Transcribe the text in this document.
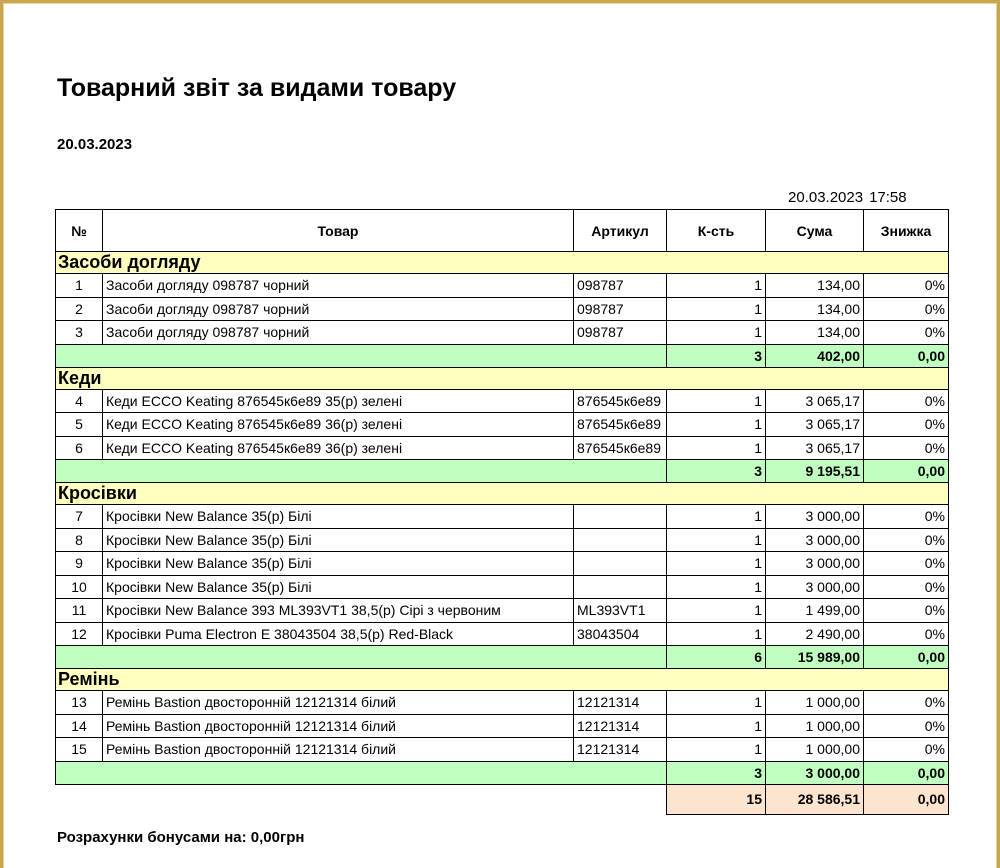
Товарний звіт за видами товару
20.03.2023
20.03.2023 17:58
№	Товар	Артикул	К-сть	Сума	Знижка
Засоби догляду					
1	Засоби догляду 098787 чорний	098787	1	134,00	0%
2	Засоби догляду 098787 чорний	098787	1	134,00	0%
3	Засоби догляду 098787 чорний	098787	1	134,00	0%
			3	402,00	0,00
Кеди					
4	Кеди ECCO Keating 876545к6е89 35(р) зелені	876545к6е89	1	3 065,17	0%
5	Кеди ECCO Keating 876545к6е89 36(р) зелені	876545к6е89	1	3 065,17	0%
6	Кеди ECCO Keating 876545к6е89 36(р) зелені	876545к6е89	1	3 065,17	0%
			3	9 195,51	0,00
Кросівки					
7	Кросівки New Balance 35(р) Білі		1	3 000,00	0%
8	Кросівки New Balance 35(р) Білі		1	3 000,00	0%
9	Кросівки New Balance 35(р) Білі		1	3 000,00	0%
10	Кросівки New Balance 35(р) Білі		1	3 000,00	0%
11	Кросівки New Balance 393 ML393VT1 38,5(р) Сірі з червоним	ML393VT1	1	1 499,00	0%
12	Кросівки Puma Electron E 38043504 38,5(р) Red-Black	38043504	1	2 490,00	0%
			6	15 989,00	0,00
Ремінь					
13	Ремінь Bastion двосторонній 12121314 білий	12121314	1	1 000,00	0%
14	Ремінь Bastion двосторонній 12121314 білий	12121314	1	1 000,00	0%
15	Ремінь Bastion двосторонній 12121314 білий	12121314	1	1 000,00	0%
			3	3 000,00	0,00
			15	28 586,51	0,00
Розрахунки бонусами на: 0,00грн
